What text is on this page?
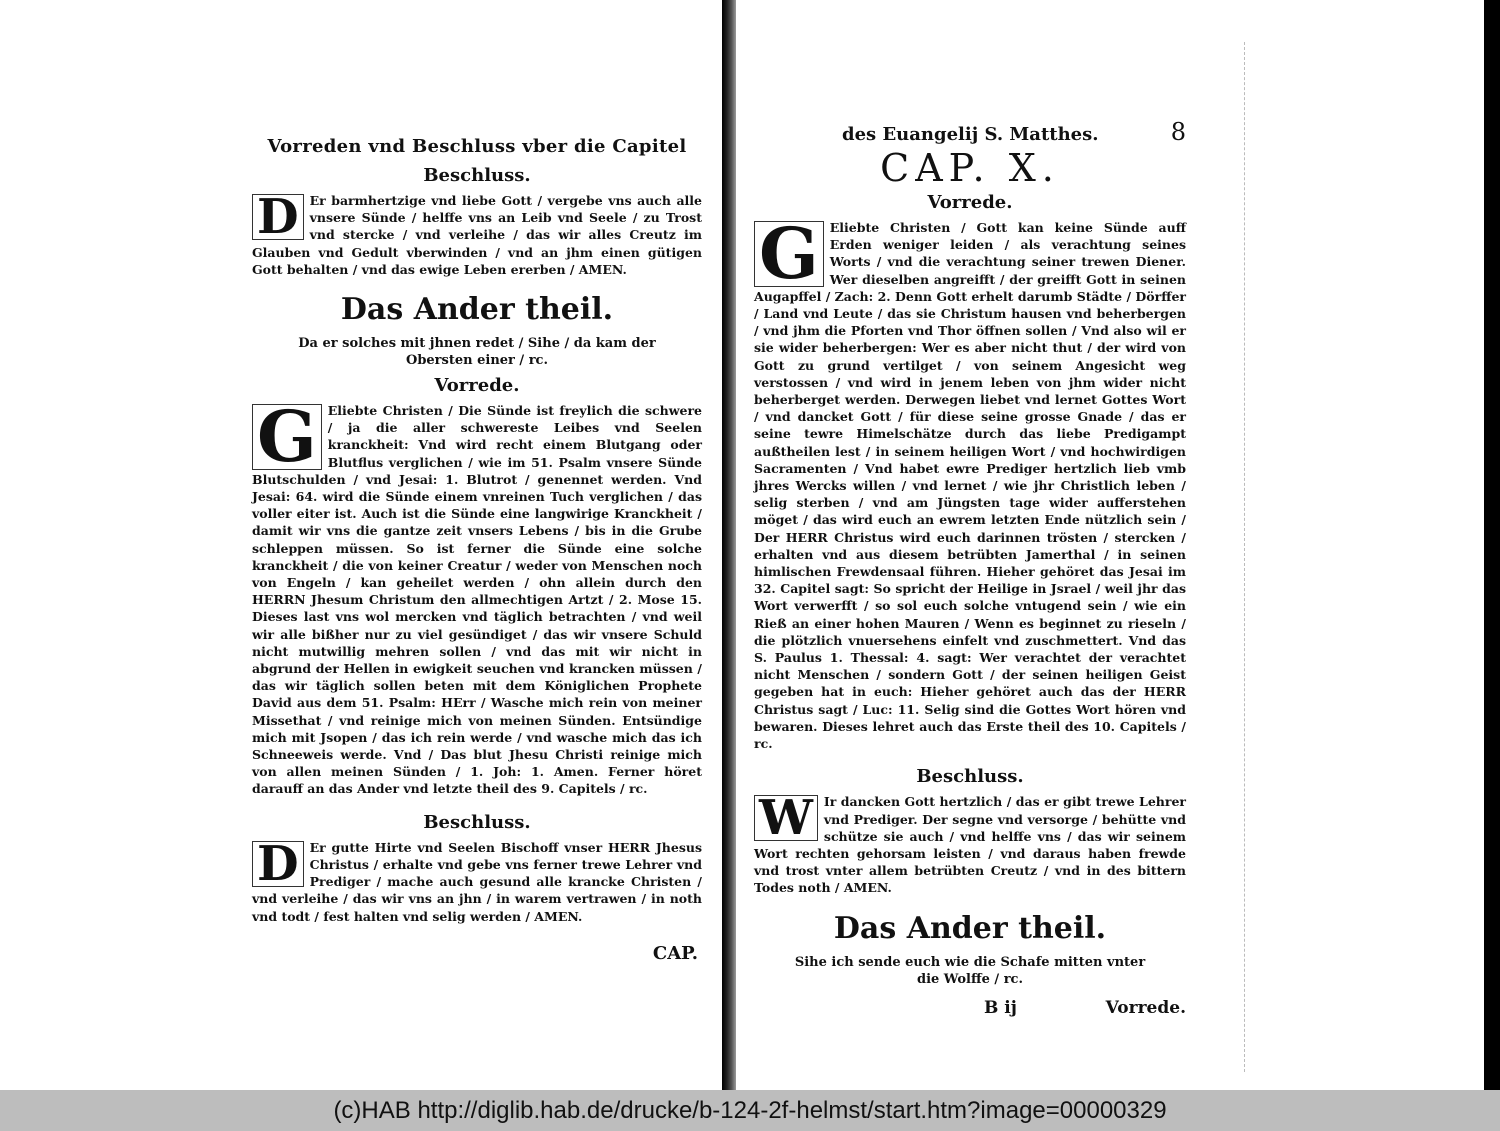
Vorreden vnd Beschluss vber die Capitel
Beschluss.

D Er barmhertzige vnd liebe Gott / vergebe vns auch alle vnsere Sünde / helffe vns an Leib vnd Seele / zu Trost vnd stercke / vnd verleihe / das wir alles Creutz im Glauben vnd Gedult vberwinden / vnd an jhm einen gütigen Gott behalten / vnd das ewige Leben ererben / AMEN.

Das Ander theil.
Da er solches mit jhnen redet / Sihe / da kam der Obersten einer / rc.
Vorrede.

G Eliebte Christen / Die Sünde ist freylich die schwere / ja die aller schwereste Leibes vnd Seelen kranckheit: Vnd wird recht einem Blutgang oder Blutflus verglichen / wie im 51. Psalm vnsere Sünde Blutschulden / vnd Jesai: 1. Blutrot / genennet werden. Vnd Jesai: 64. wird die Sünde einem vnreinen Tuch verglichen / das voller eiter ist. Auch ist die Sünde eine langwirige Kranckheit / damit wir vns die gantze zeit vnsers Lebens / bis in die Grube schleppen müssen. So ist ferner die Sünde eine solche kranckheit / die von keiner Creatur / weder von Menschen noch von Engeln / kan geheilet werden / ohn allein durch den HERRN Jhesum Christum den allmechtigen Artzt / 2. Mose 15. Dieses last vns wol mercken vnd täglich betrachten / vnd weil wir alle bißher nur zu viel gesündiget / das wir vnsere Schuld nicht mutwillig mehren sollen / vnd das mit wir nicht in abgrund der Hellen in ewigkeit seuchen vnd krancken müssen / das wir täglich sollen beten mit dem Königlichen Prophete David aus dem 51. Psalm: HErr / Wasche mich rein von meiner Missethat / vnd reinige mich von meinen Sünden. Entsündige mich mit Jsopen / das ich rein werde / vnd wasche mich das ich Schneeweis werde. Vnd / Das blut Jhesu Christi reinige mich von allen meinen Sünden / 1. Joh: 1. Amen. Ferner höret darauff an das Ander vnd letzte theil des 9. Capitels / rc.

Beschluss.

D Er gutte Hirte vnd Seelen Bischoff vnser HERR Jhesus Christus / erhalte vnd gebe vns ferner trewe Lehrer vnd Prediger / mache auch gesund alle krancke Christen / vnd verleihe / das wir vns an jhn / in warem vertrawen / in noth vnd todt / fest halten vnd selig werden / AMEN.

CAP.
des Euangelij S. Matthes.	8
CAP. X.
Vorrede.

G Eliebte Christen / Gott kan keine Sünde auff Erden weniger leiden / als verachtung seines Worts / vnd die verachtung seiner trewen Diener. Wer dieselben angreifft / der greifft Gott in seinen Augapffel / Zach: 2. Denn Gott erhelt darumb Städte / Dörffer / Land vnd Leute / das sie Christum hausen vnd beherbergen / vnd jhm die Pforten vnd Thor öffnen sollen / Vnd also wil er sie wider beherbergen: Wer es aber nicht thut / der wird von Gott zu grund vertilget / von seinem Angesicht weg verstossen / vnd wird in jenem leben von jhm wider nicht beherberget werden. Derwegen liebet vnd lernet Gottes Wort / vnd dancket Gott / für diese seine grosse Gnade / das er seine tewre Himelschätze durch das liebe Predigampt außtheilen lest / in seinem heiligen Wort / vnd hochwirdigen Sacramenten / Vnd habet ewre Prediger hertzlich lieb vmb jhres Wercks willen / vnd lernet / wie jhr Christlich leben / selig sterben / vnd am Jüngsten tage wider aufferstehen möget / das wird euch an ewrem letzten Ende nützlich sein / Der HERR Christus wird euch darinnen trösten / stercken / erhalten vnd aus diesem betrübten Jamerthal / in seinen himlischen Frewdensaal führen. Hieher gehöret das Jesai im 32. Capitel sagt: So spricht der Heilige in Jsrael / weil jhr das Wort verwerfft / so sol euch solche vntugend sein / wie ein Rieß an einer hohen Mauren / Wenn es beginnet zu rieseln / die plötzlich vnuersehens einfelt vnd zuschmettert. Vnd das S. Paulus 1. Thessal: 4. sagt: Wer verachtet der verachtet nicht Menschen / sondern Gott / der seinen heiligen Geist gegeben hat in euch: Hieher gehöret auch das der HERR Christus sagt / Luc: 11. Selig sind die Gottes Wort hören vnd bewaren. Dieses lehret auch das Erste theil des 10. Capitels / rc.

Beschluss.

W Ir dancken Gott hertzlich / das er gibt trewe Lehrer vnd Prediger. Der segne vnd versorge / behütte vnd schütze sie auch / vnd helffe vns / das wir seinem Wort rechten gehorsam leisten / vnd daraus haben frewde vnd trost vnter allem betrübten Creutz / vnd in des bittern Todes noth / AMEN.

Das Ander theil.
Sihe ich sende euch wie die Schafe mitten vnter die Wolffe / rc.
B ij	Vorrede.
(c)HAB http://diglib.hab.de/drucke/b-124-2f-helmst/start.htm?image=00000329
